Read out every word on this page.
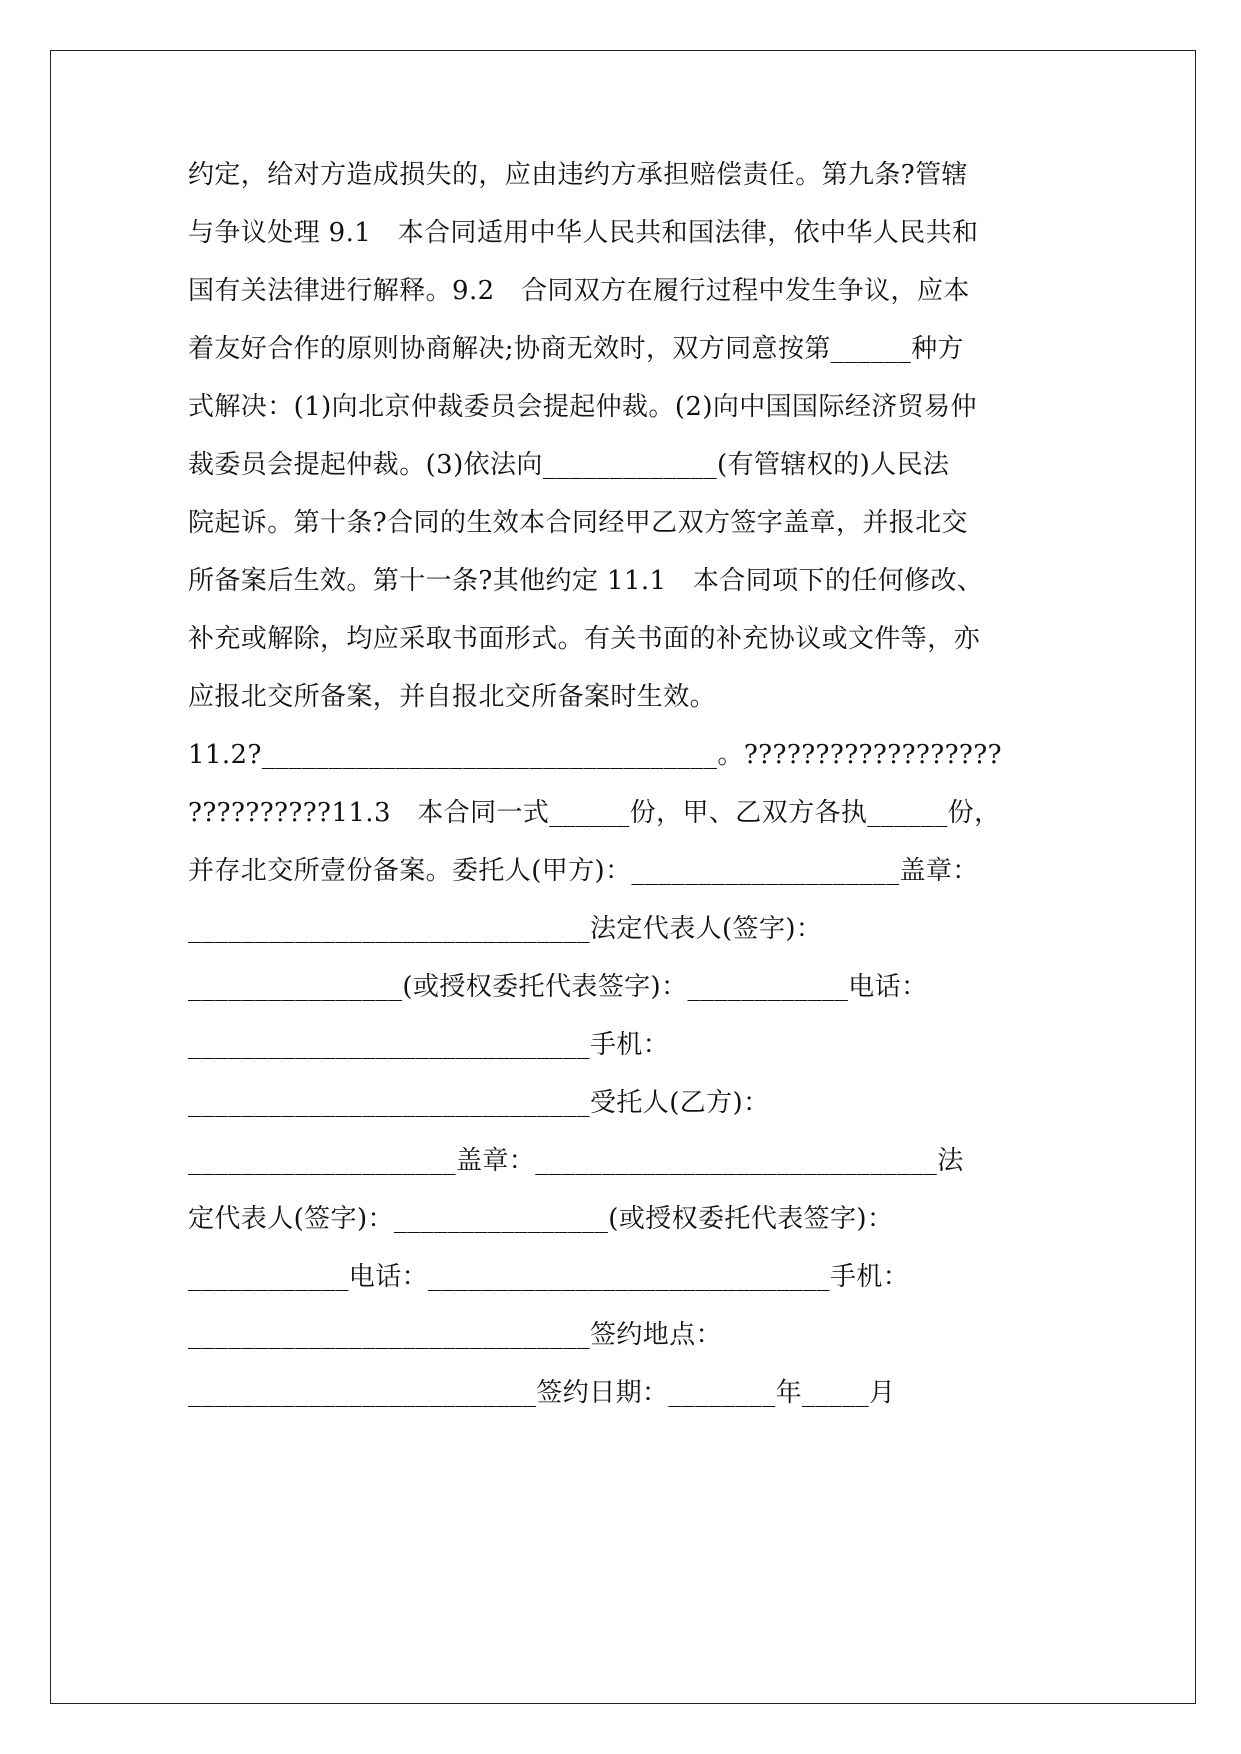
约定，给对方造成损失的，应由违约方承担赔偿责任。第九条?管辖
与争议处理 9.1　本合同适用中华人民共和国法律，依中华人民共和
国有关法律进行解释。9.2　合同双方在履行过程中发生争议，应本
着友好合作的原则协商解决;协商无效时，双方同意按第______种方
式解决：(1)向北京仲裁委员会提起仲裁。(2)向中国国际经济贸易仲
裁委员会提起仲裁。(3)依法向_____________(有管辖权的)人民法
院起诉。第十条?合同的生效本合同经甲乙双方签字盖章，并报北交
所备案后生效。第十一条?其他约定 11.1　本合同项下的任何修改、
补充或解除，均应采取书面形式。有关书面的补充协议或文件等，亦
应报北交所备案，并自报北交所备案时生效。
11.2?__________________________________。??????????????????
??????????11.3　本合同一式______份，甲、乙双方各执______份，
并存北交所壹份备案。委托人(甲方)：____________________盖章：
______________________________法定代表人(签字)：
________________(或授权委托代表签字)：____________电话：
______________________________手机：
______________________________受托人(乙方)：
____________________盖章：______________________________法
定代表人(签字)：________________(或授权委托代表签字)：
____________电话：______________________________手机：
______________________________签约地点：
__________________________签约日期：________年_____月
